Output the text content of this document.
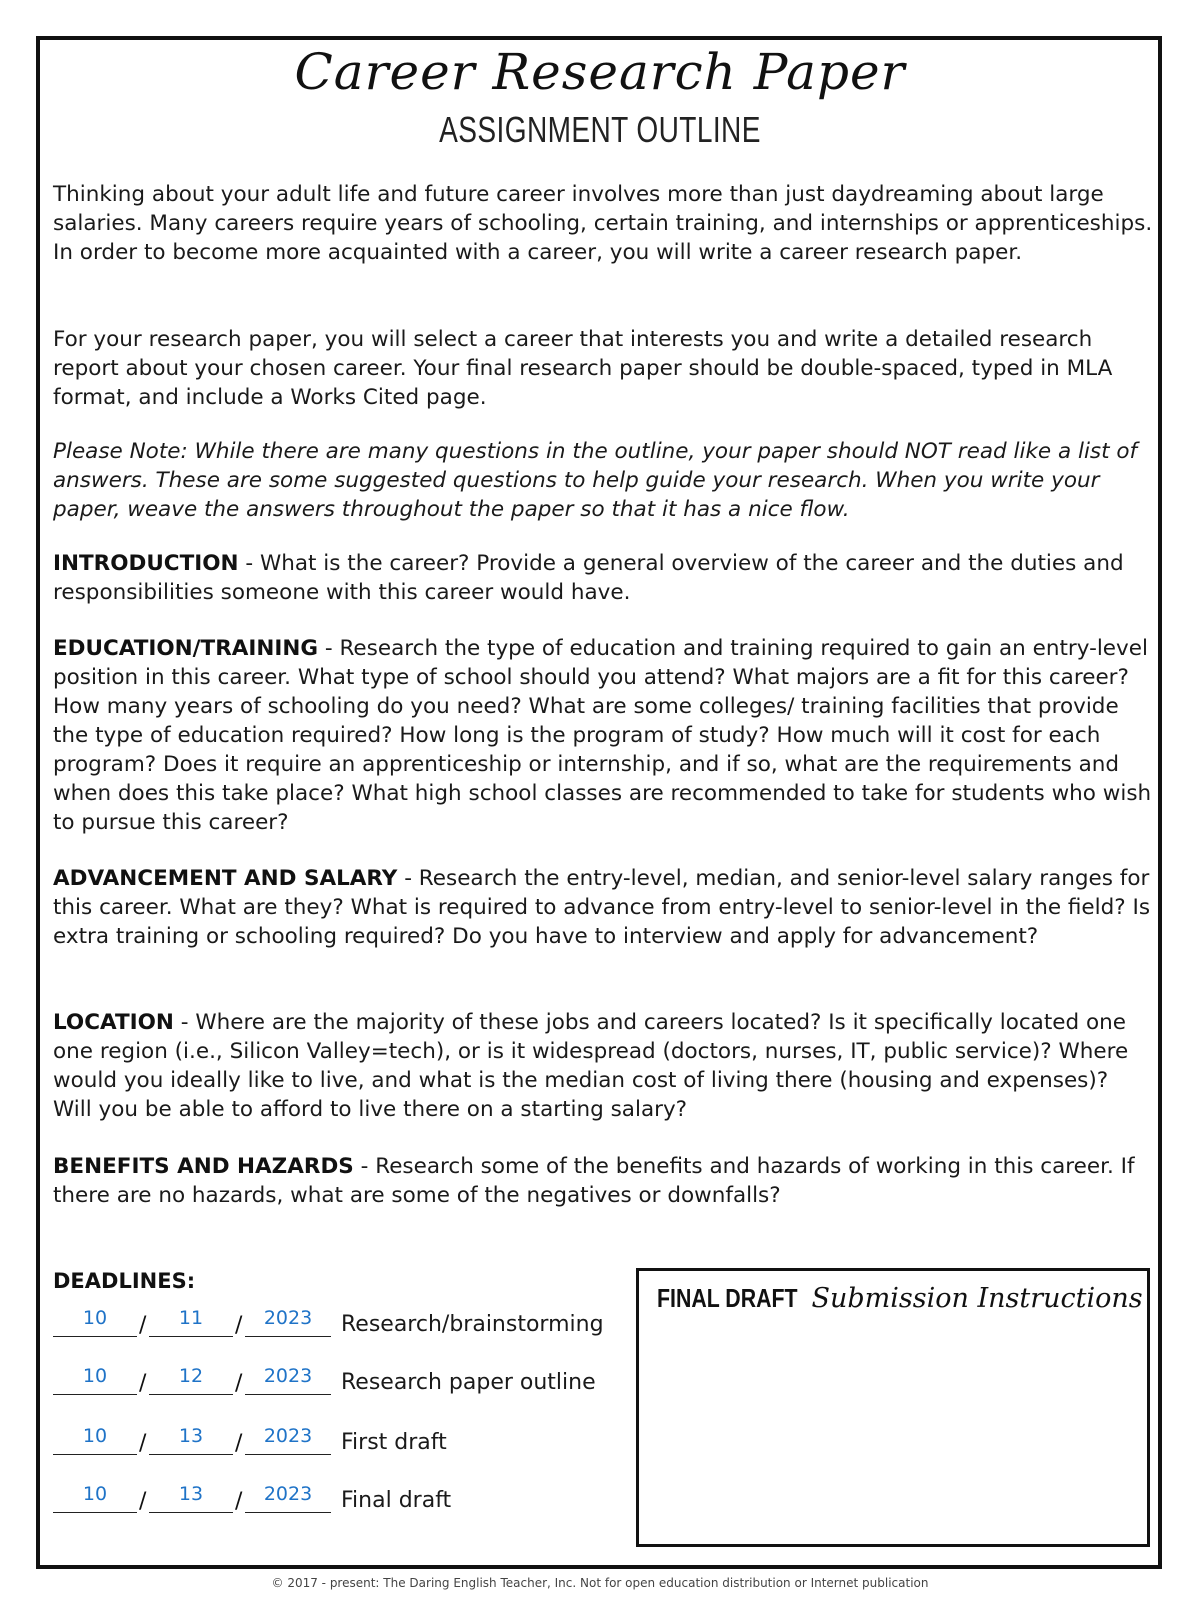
Career Research Paper
ASSIGNMENT OUTLINE

Thinking about your adult life and future career involves more than just daydreaming about large salaries. Many careers require years of schooling, certain training, and internships or apprenticeships. In order to become more acquainted with a career, you will write a career research paper.

For your research paper, you will select a career that interests you and write a detailed research report about your chosen career. Your final research paper should be double-spaced, typed in MLA format, and include a Works Cited page.

Please Note: While there are many questions in the outline, your paper should NOT read like a list of answers. These are some suggested questions to help guide your research. When you write your paper, weave the answers throughout the paper so that it has a nice flow.

INTRODUCTION - What is the career? Provide a general overview of the career and the duties and responsibilities someone with this career would have.

EDUCATION/TRAINING - Research the type of education and training required to gain an entry-level position in this career. What type of school should you attend? What majors are a fit for this career? How many years of schooling do you need? What are some colleges/ training facilities that provide the type of education required? How long is the program of study? How much will it cost for each program? Does it require an apprenticeship or internship, and if so, what are the requirements and when does this take place? What high school classes are recommended to take for students who wish to pursue this career?

ADVANCEMENT AND SALARY - Research the entry-level, median, and senior-level salary ranges for this career. What are they? What is required to advance from entry-level to senior-level in the field? Is extra training or schooling required? Do you have to interview and apply for advancement?

LOCATION - Where are the majority of these jobs and careers located? Is it specifically located one one region (i.e., Silicon Valley=tech), or is it widespread (doctors, nurses, IT, public service)? Where would you ideally like to live, and what is the median cost of living there (housing and expenses)? Will you be able to afford to live there on a starting salary?

BENEFITS AND HAZARDS - Research some of the benefits and hazards of working in this career. If there are no hazards, what are some of the negatives or downfalls?

DEADLINES:
10	/	11	/	2023	Research/brainstorming
10	/	12	/	2023	Research paper outline
10	/	13	/	2023	First draft
10	/	13	/	2023	Final draft
FINAL DRAFT Submission Instructions
© 2017 - present: The Daring English Teacher, Inc. Not for open education distribution or Internet publication
